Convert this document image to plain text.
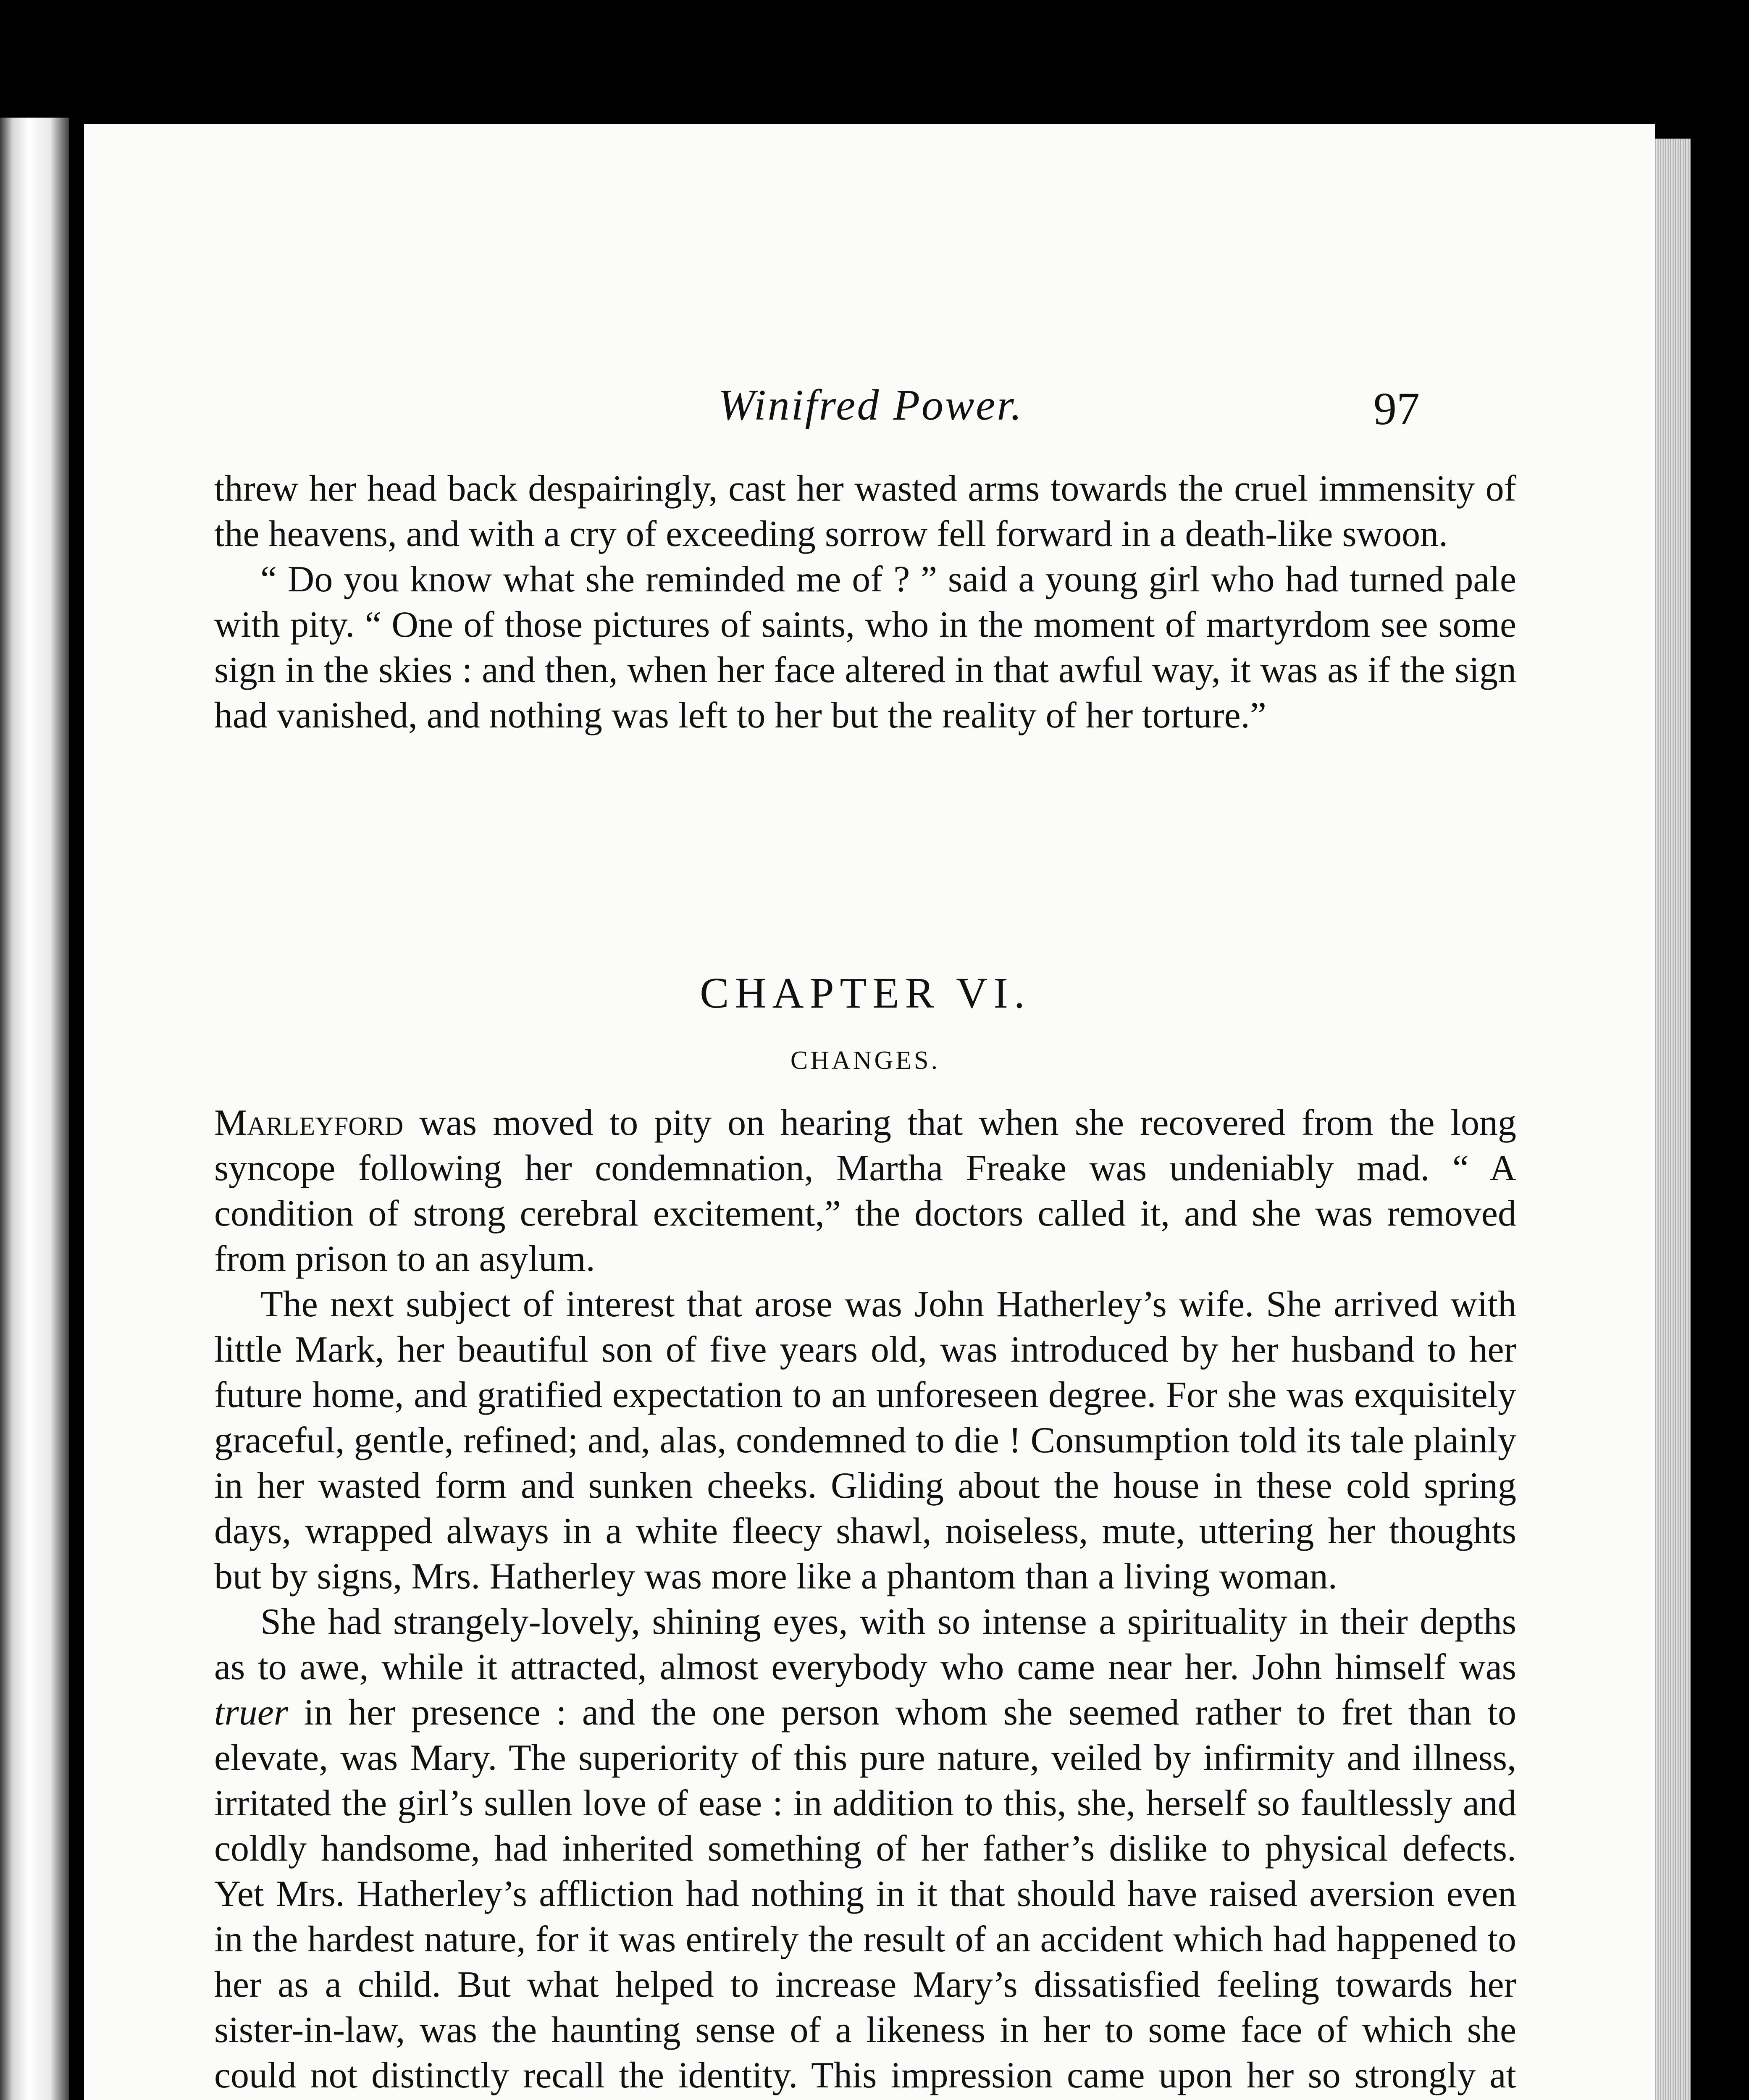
Winifred Power.	97

threw her head back despairingly, cast her wasted arms towards the cruel immensity of the heavens, and with a cry of exceeding sorrow fell forward in a death-like swoon.

“ Do you know what she reminded me of ? ” said a young girl who had turned pale with pity. “ One of those pictures of saints, who in the moment of martyrdom see some sign in the skies : and then, when her face altered in that awful way, it was as if the sign had vanished, and nothing was left to her but the reality of her torture.”

CHAPTER VI.
CHANGES.

Marleyford was moved to pity on hearing that when she recovered from the long syncope following her condemnation, Martha Freake was undeniably mad. “ A condition of strong cerebral excitement,” the doctors called it, and she was removed from prison to an asylum.

The next subject of interest that arose was John Hatherley’s wife. She arrived with little Mark, her beautiful son of five years old, was introduced by her husband to her future home, and gratified expectation to an unforeseen degree. For she was exquisitely graceful, gentle, refined; and, alas, condemned to die ! Consumption told its tale plainly in her wasted form and sunken cheeks. Gliding about the house in these cold spring days, wrapped always in a white fleecy shawl, noiseless, mute, uttering her thoughts but by signs, Mrs. Hatherley was more like a phantom than a living woman.

She had strangely-lovely, shining eyes, with so intense a spirituality in their depths as to awe, while it attracted, almost everybody who came near her. John himself was truer in her presence : and the one person whom she seemed rather to fret than to elevate, was Mary. The superiority of this pure nature, veiled by infirmity and illness, irritated the girl’s sullen love of ease : in addition to this, she, herself so faultlessly and coldly handsome, had inherited something of her father’s dislike to physical defects. Yet Mrs. Hatherley’s affliction had nothing in it that should have raised aversion even in the hardest nature, for it was entirely the result of an accident which had happened to her as a child. But what helped to increase Mary’s dissatisfied feeling towards her sister-in-law, was the haunting sense of a likeness in her to some face of which she could not distinctly recall the identity. This impression came upon her so strongly at
